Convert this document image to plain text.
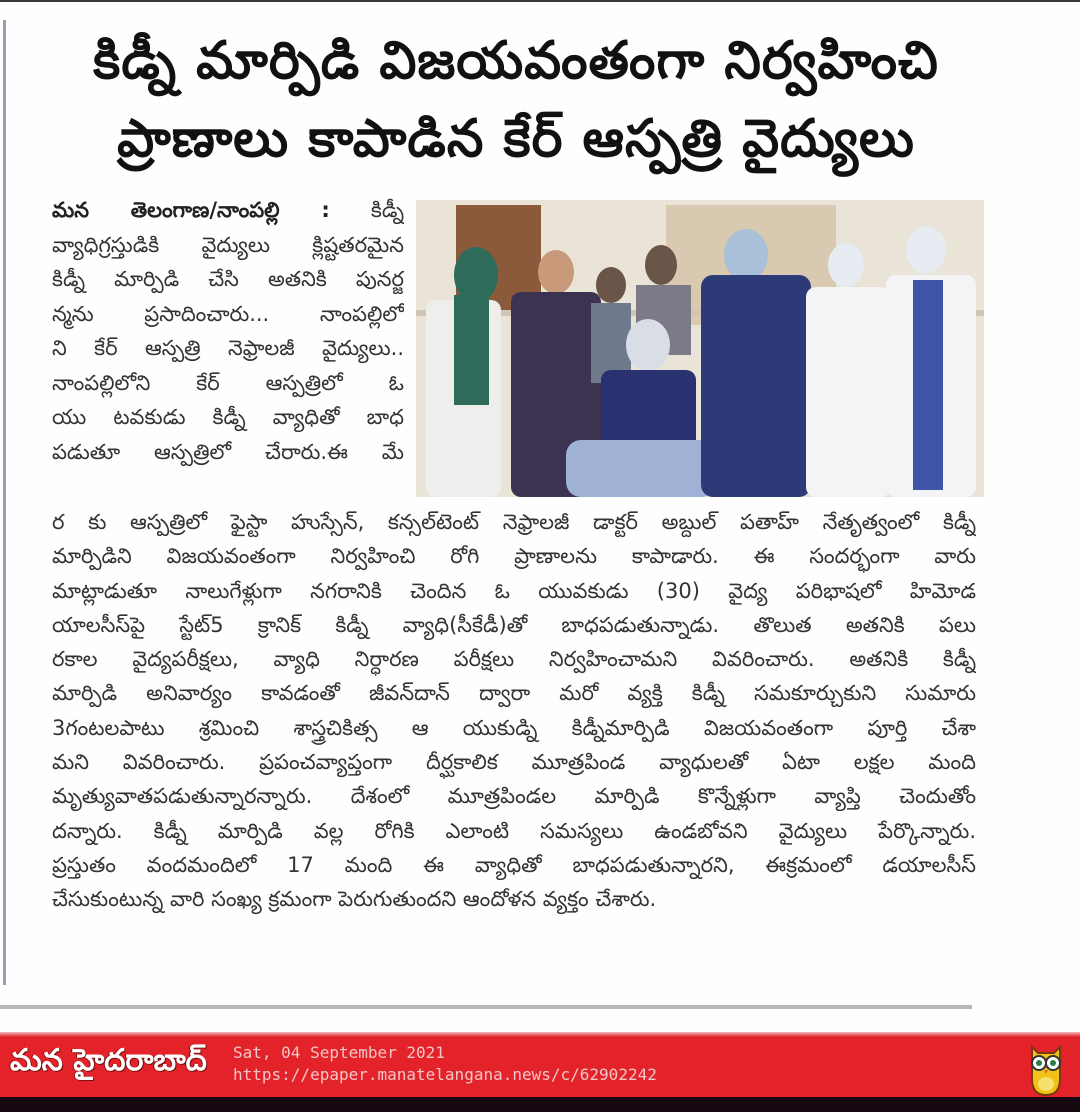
కిడ్నీ మార్పిడి విజయవంతంగా నిర్వహించి
ప్రాణాలు కాపాడిన కేర్ ఆస్పత్రి వైద్యులు
మన తెలంగాణ/నాంపల్లి : కిడ్నీ
వ్యాధిగ్రస్తుడికి వైద్యులు క్లిష్టతరమైన
కిడ్నీ మార్పిడి చేసి అతనికి పునర్జ
న్మను ప్రసాదించారు... నాంపల్లిలో
ని కేర్ ఆస్పత్రి నెఫ్రాలజీ వైద్యులు..
నాంపల్లిలోని కేర్ ఆస్పత్రిలో ఓ
యు టవకుడు కిడ్నీ వ్యాధితో బాధ
పడుతూ ఆస్పత్రిలో చేరారు.ఈ మే
ర కు ఆస్పత్రిలో ఫైస్టా హుస్సేన్, కన్సల్‌టెంట్ నెఫ్రాలజీ డాక్టర్ అబ్దుల్ పతాహ్ నేతృత్వంలో కిడ్నీ
మార్పిడిని విజయవంతంగా నిర్వహించి రోగి ప్రాణాలను కాపాడారు. ఈ సందర్భంగా వారు
మాట్లాడుతూ నాలుగేళ్లుగా నగరానికి చెందిన ఓ యువకుడు (30) వైద్య పరిభాషలో హిమోడ
యాలసీస్‌పై స్టేట్5 క్రానిక్ కిడ్నీ వ్యాధి(సీకేడీ)తో బాధపడుతున్నాడు. తొలుత అతనికి పలు
రకాల వైద్యపరీక్షలు, వ్యాధి నిర్ధారణ పరీక్షలు నిర్వహించామని వివరించారు. అతనికి కిడ్నీ
మార్పిడి అనివార్యం కావడంతో జీవన్‌దాన్ ద్వారా మరో వ్యక్తి కిడ్నీ సమకూర్చుకుని సుమారు
3గంటలపాటు శ్రమించి శాస్త్రచికిత్స ఆ యుకుడ్ని కిడ్నీమార్పిడి విజయవంతంగా పూర్తి చేశా
మని వివరించారు. ప్రపంచవ్యాప్తంగా దీర్ఘకాలిక మూత్రపిండ వ్యాధులతో ఏటా లక్షల మంది
మృత్యువాతపడుతున్నారన్నారు. దేశంలో మూత్రపిండల మార్పిడి కొన్నేళ్లుగా వ్యాప్తి చెందుతోం
దన్నారు. కిడ్నీ మార్పిడి వల్ల రోగికి ఎలాంటి సమస్యలు ఉండబోవని వైద్యులు పేర్కొన్నారు.
ప్రస్తుతం వందమందిలో 17 మంది ఈ వ్యాధితో బాధపడుతున్నారని, ఈక్రమంలో డయాలసీస్
చేసుకుంటున్న వారి సంఖ్య క్రమంగా పెరుగుతుందని ఆందోళన వ్యక్తం చేశారు.
మన హైదరాబాద్ Sat, 04 September 2021
https://epaper.manatelangana.news/c/62902242
